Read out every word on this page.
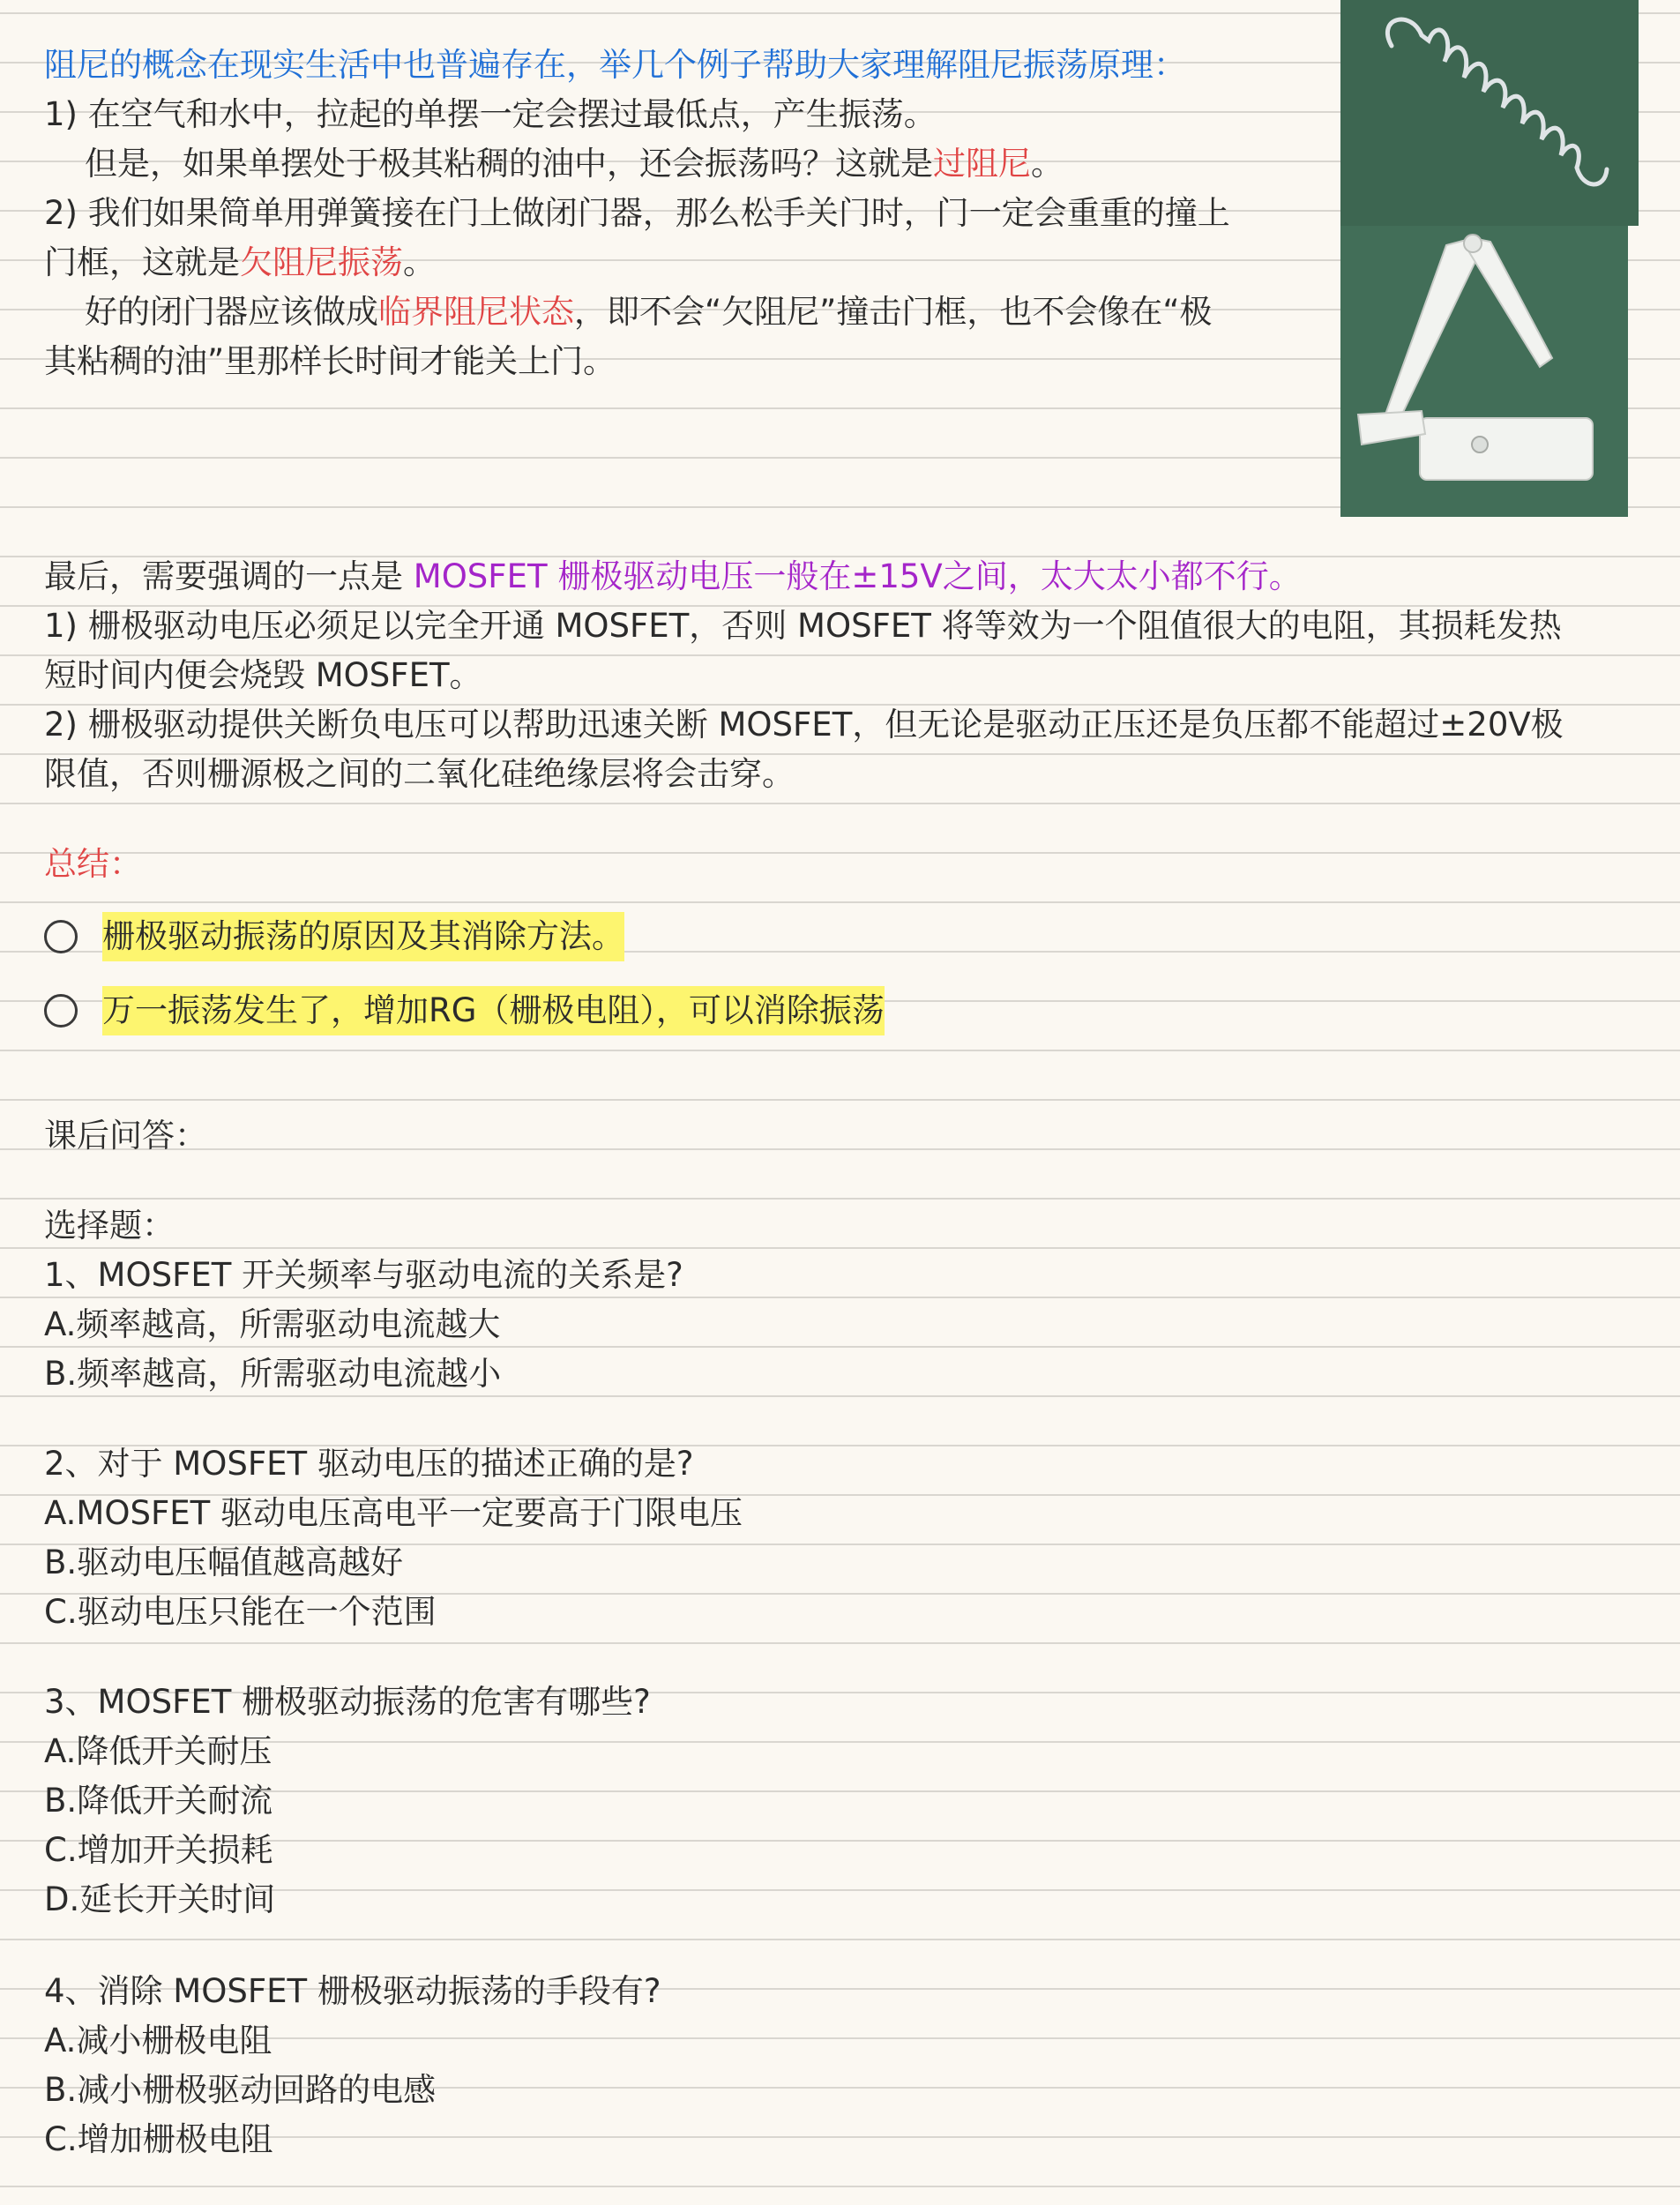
阻尼的概念在现实生活中也普遍存在，举几个例子帮助大家理解阻尼振荡原理：
1) 在空气和水中，拉起的单摆一定会摆过最低点，产生振荡。
但是，如果单摆处于极其粘稠的油中，还会振荡吗？这就是过阻尼。
2) 我们如果简单用弹簧接在门上做闭门器，那么松手关门时，门一定会重重的撞上
门框，这就是欠阻尼振荡。
好的闭门器应该做成临界阻尼状态，即不会“欠阻尼”撞击门框，也不会像在“极
其粘稠的油”里那样长时间才能关上门。
最后，需要强调的一点是 MOSFET 栅极驱动电压一般在±15V之间，太大太小都不行。
1) 栅极驱动电压必须足以完全开通 MOSFET，否则 MOSFET 将等效为一个阻值很大的电阻，其损耗发热
短时间内便会烧毁 MOSFET。
2) 栅极驱动提供关断负电压可以帮助迅速关断 MOSFET，但无论是驱动正压还是负压都不能超过±20V极
限值，否则栅源极之间的二氧化硅绝缘层将会击穿。
总结：
栅极驱动振荡的原因及其消除方法。
万一振荡发生了，增加RG（栅极电阻），可以消除振荡
课后问答：
选择题：
1、MOSFET 开关频率与驱动电流的关系是?
A.频率越高，所需驱动电流越大
B.频率越高，所需驱动电流越小
2、对于 MOSFET 驱动电压的描述正确的是?
A.MOSFET 驱动电压高电平一定要高于门限电压
B.驱动电压幅值越高越好
C.驱动电压只能在一个范围
3、MOSFET 栅极驱动振荡的危害有哪些?
A.降低开关耐压
B.降低开关耐流
C.增加开关损耗
D.延长开关时间
4、消除 MOSFET 栅极驱动振荡的手段有?
A.减小栅极电阻
B.减小栅极驱动回路的电感
C.增加栅极电阻
